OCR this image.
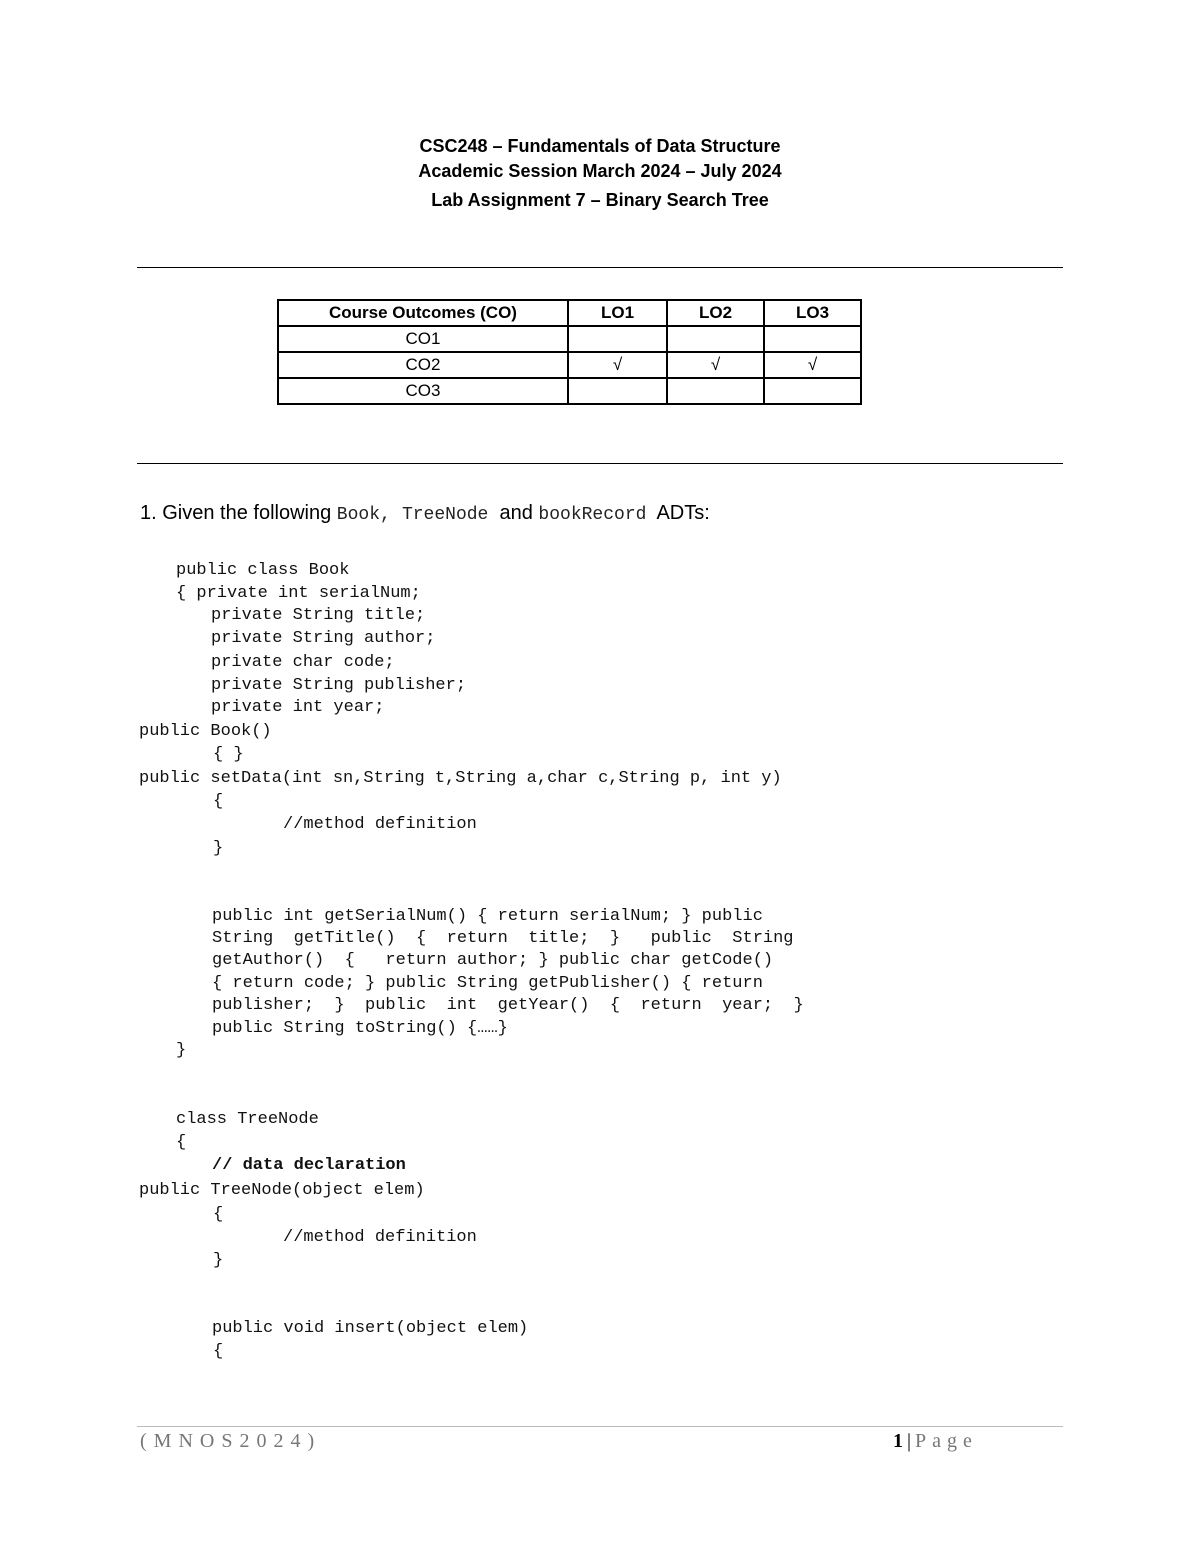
CSC248 – Fundamentals of Data Structure
Academic Session March 2024 – July 2024
Lab Assignment 7 – Binary Search Tree
Course Outcomes (CO)	LO1	LO2	LO3
CO1			
CO2	√	√	√
CO3			
1. Given the following Book, TreeNode and bookRecord ADTs:

public class Book

{ private int serialNum;

private String title;

private String author;

private char code;

private String publisher;

private int year;

public Book()

{ }

public setData(int sn,String t,String a,char c,String p, int y)

{

//method definition

}

public int getSerialNum() { return serialNum; } public

String  getTitle()  {  return  title;  }   public  String

getAuthor()  {   return author; } public char getCode()

{ return code; } public String getPublisher() { return

publisher;  }  public  int  getYear()  {  return  year;  }

public String toString() {……}

}

class TreeNode

{

// data declaration

public TreeNode(object elem)

{

//method definition

}

public void insert(object elem)

{

(MNOS2024)	1 | Page
